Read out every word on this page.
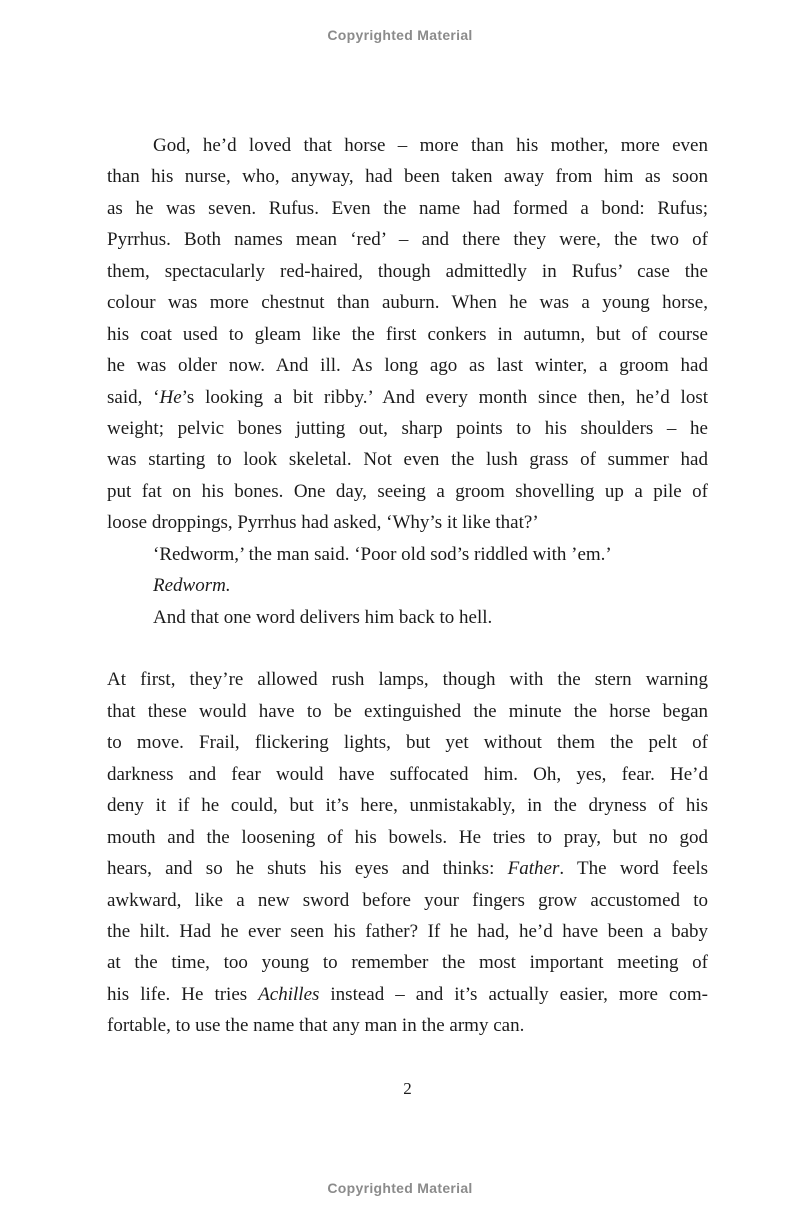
Copyrighted Material
God, he’d loved that horse – more than his mother, more even
than his nurse, who, anyway, had been taken away from him as soon
as he was seven. Rufus. Even the name had formed a bond: Rufus;
Pyrrhus. Both names mean ‘red’ – and there they were, the two of
them, spectacularly red-haired, though admittedly in Rufus’ case the
colour was more chestnut than auburn. When he was a young horse,
his coat used to gleam like the first conkers in autumn, but of course
he was older now. And ill. As long ago as last winter, a groom had
said, ‘He’s looking a bit ribby.’ And every month since then, he’d lost
weight; pelvic bones jutting out, sharp points to his shoulders – he
was starting to look skeletal. Not even the lush grass of summer had
put fat on his bones. One day, seeing a groom shovelling up a pile of
loose droppings, Pyrrhus had asked, ‘Why’s it like that?’
‘Redworm,’ the man said. ‘Poor old sod’s riddled with ’em.’
Redworm.
And that one word delivers him back to hell.
At first, they’re allowed rush lamps, though with the stern warning
that these would have to be extinguished the minute the horse began
to move. Frail, flickering lights, but yet without them the pelt of
darkness and fear would have suffocated him. Oh, yes, fear. He’d
deny it if he could, but it’s here, unmistakably, in the dryness of his
mouth and the loosening of his bowels. He tries to pray, but no god
hears, and so he shuts his eyes and thinks: Father. The word feels
awkward, like a new sword before your fingers grow accustomed to
the hilt. Had he ever seen his father? If he had, he’d have been a baby
at the time, too young to remember the most important meeting of
his life. He tries Achilles instead – and it’s actually easier, more com-
fortable, to use the name that any man in the army can.
2
Copyrighted Material
